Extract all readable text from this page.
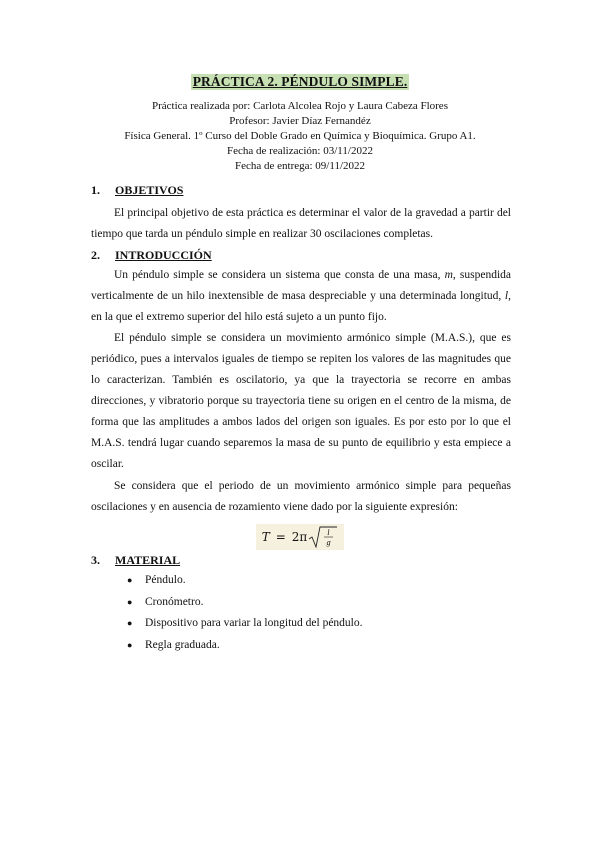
PRÁCTICA 2. PÉNDULO SIMPLE.
Práctica realizada por: Carlota Alcolea Rojo y Laura Cabeza Flores
Profesor: Javier Díaz Fernandéz
Física General. 1º Curso del Doble Grado en Química y Bioquímica. Grupo A1.
Fecha de realización: 03/11/2022
Fecha de entrega: 09/11/2022
1. OBJETIVOS
El principal objetivo de esta práctica es determinar el valor de la gravedad a partir del tiempo que tarda un péndulo simple en realizar 30 oscilaciones completas.
2. INTRODUCCIÓN
Un péndulo simple se considera un sistema que consta de una masa, m, suspendida verticalmente de un hilo inextensible de masa despreciable y una determinada longitud, l, en la que el extremo superior del hilo está sujeto a un punto fijo.
El péndulo simple se considera un movimiento armónico simple (M.A.S.), que es periódico, pues a intervalos iguales de tiempo se repiten los valores de las magnitudes que lo caracterizan. También es oscilatorio, ya que la trayectoria se recorre en ambas direcciones, y vibratorio porque su trayectoria tiene su origen en el centro de la misma, de forma que las amplitudes a ambos lados del origen son iguales. Es por esto por lo que el M.A.S. tendrá lugar cuando separemos la masa de su punto de equilibrio y esta empiece a oscilar.
Se considera que el periodo de un movimiento armónico simple para pequeñas oscilaciones y en ausencia de rozamiento viene dado por la siguiente expresión:
T = 2π	l
g
3. MATERIAL
● Péndulo.
● Cronómetro.
● Dispositivo para variar la longitud del péndulo.
● Regla graduada.
